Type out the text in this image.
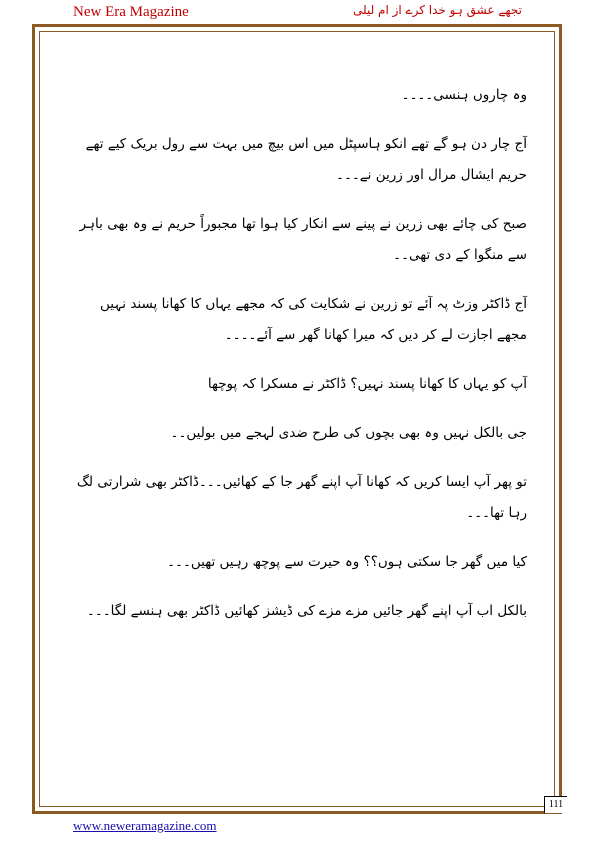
New Era Magazine	تجھے عشق ہو خدا کرے از ام لیلی

وہ چاروں ہنسی۔۔۔۔

آج چار دن ہو گے تھے انکو ہاسپٹل میں اس بیچ میں بہت سے رول بریک کیے تھے حریم ایشال مرال اور زرین نے۔۔۔

صبح کی چائے بھی زرین نے پینے سے انکار کیا ہوا تھا مجبوراً حریم نے وہ بھی باہر سے منگوا کے دی تھی۔۔

آج ڈاکٹر وزٹ پہ آئے تو زرین نے شکایت کی کہ مجھے یہاں کا کھانا پسند نہیں مجھے اجازت لے کر دیں کہ میرا کھانا گھر سے آئے۔۔۔۔

آپ کو یہاں کا کھانا پسند نہیں؟ ڈاکٹر نے مسکرا کہ پوچھا

جی بالکل نہیں وہ بھی بچوں کی طرح ضدی لہجے میں بولیں۔۔

تو پھر آپ ایسا کریں کہ کھانا آپ اپنے گھر جا کے کھائیں۔۔۔ڈاکٹر بھی شرارتی لگ رہا تھا۔۔۔

کیا میں گھر جا سکتی ہوں؟؟ وہ حیرت سے پوچھ رہیں تھیں۔۔۔

بالکل اب آپ اپنے گھر جائیں مزے مزے کی ڈیشز کھائیں ڈاکٹر بھی ہنسے لگا۔۔۔

111
www.neweramagazine.com
